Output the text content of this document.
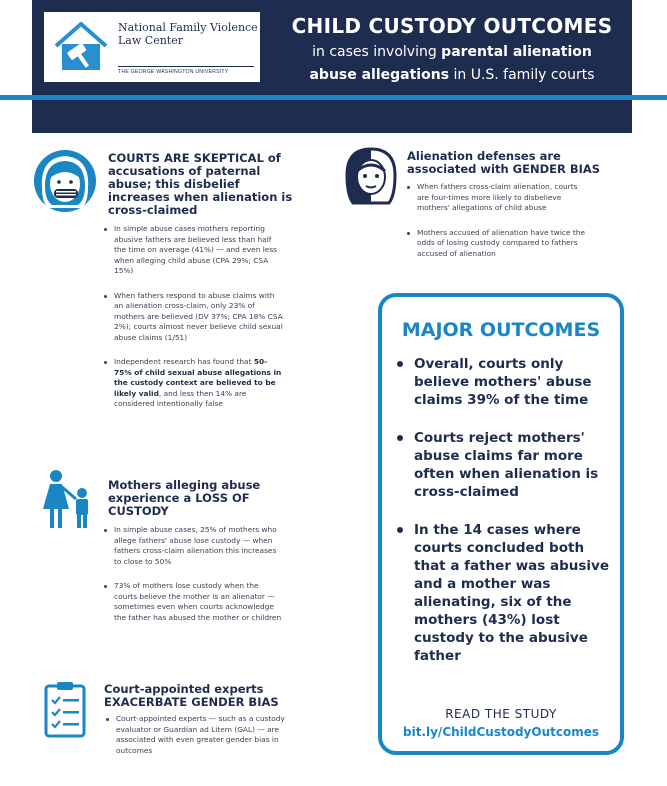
National Family Violence Law Center
THE GEORGE WASHINGTON UNIVERSITY
CHILD CUSTODY OUTCOMES
in cases involving parental alienation
abuse allegations in U.S. family courts
COURTS ARE SKEPTICAL of accusations of paternal abuse; this disbelief increases when alienation is cross-claimed
In simple abuse cases mothers reporting abusive fathers are believed less than half the time on average (41%) — and even less when alleging child abuse (CPA 29%; CSA 15%)
When fathers respond to abuse claims with an alienation cross-claim, only 23% of mothers are believed (DV 37%; CPA 18% CSA 2%); courts almost never believe child sexual abuse claims (1/51)
Independent research has found that 50-75% of child sexual abuse allegations in the custody context are believed to be likely valid, and less then 14% are considered intentionally false
Alienation defenses are associated with GENDER BIAS
When fathers cross-claim alienation, courts are four-times more likely to disbelieve mothers' allegations of child abuse
Mothers accused of alienation have twice the odds of losing custody compared to fathers accused of alienation
Mothers alleging abuse experience a LOSS OF CUSTODY
In simple abuse cases, 25% of mothers who allege fathers' abuse lose custody — when fathers cross-claim alienation this increases to close to 50%
73% of mothers lose custody when the courts believe the mother is an alienator —sometimes even when courts acknowledge the father has abused the mother or children
Court-appointed experts EXACERBATE GENDER BIAS
Court-appointed experts — such as a custody evaluator or Guardian ad Litem (GAL) — are associated with even greater gender bias in outcomes
MAJOR OUTCOMES
Overall, courts only believe mothers' abuse claims 39% of the time
Courts reject mothers' abuse claims far more often when alienation is cross-claimed
In the 14 cases where courts concluded both that a father was abusive and a mother was alienating, six of the mothers (43%) lost custody to the abusive father
READ THE STUDY
bit.ly/ChildCustodyOutcomes
